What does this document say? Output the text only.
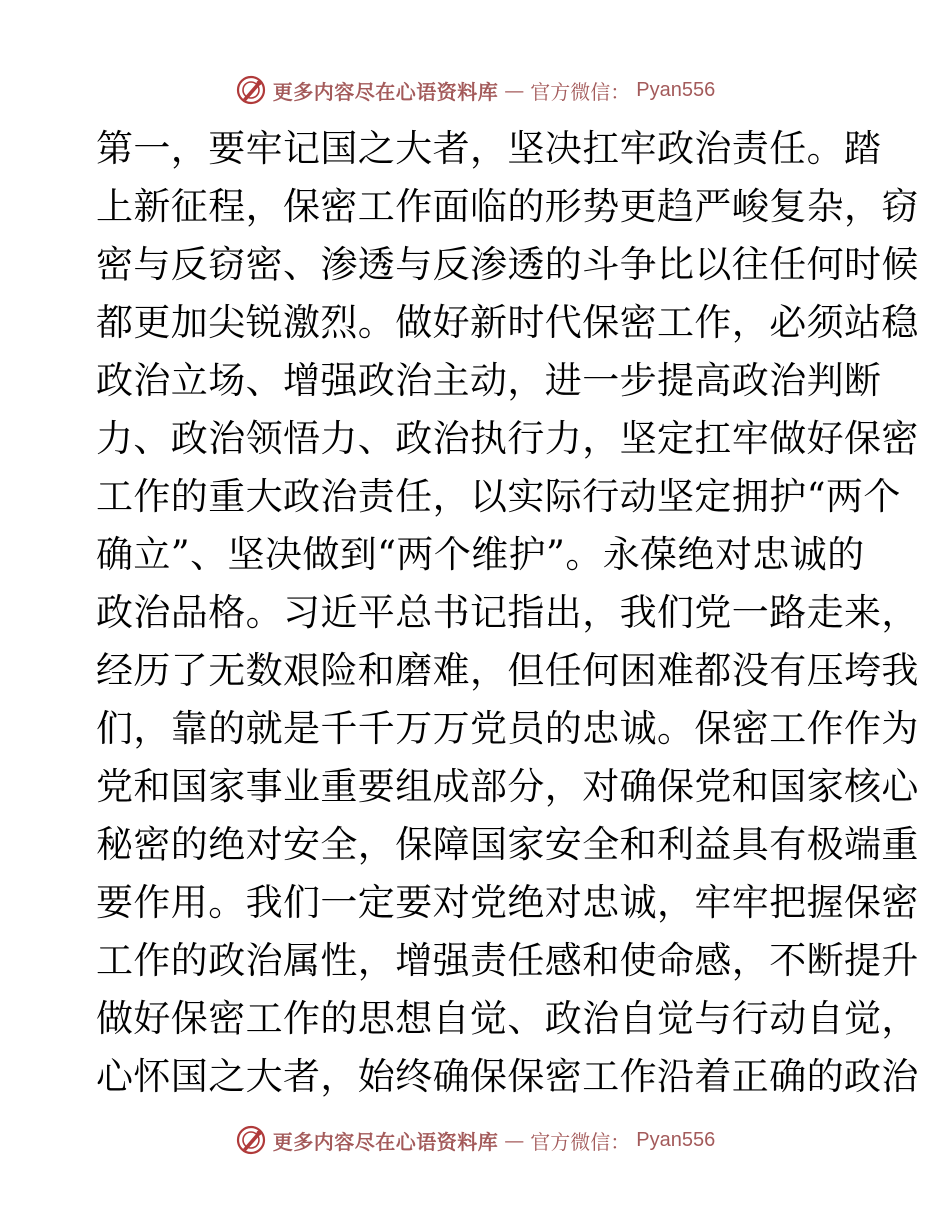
更多内容尽在心语资料库 — 官方微信： Pyan556
第一，要牢记国之大者，坚决扛牢政治责任。踏
上新征程，保密工作面临的形势更趋严峻复杂，窃
密与反窃密、渗透与反渗透的斗争比以往任何时候
都更加尖锐激烈。做好新时代保密工作，必须站稳
政治立场、增强政治主动，进一步提高政治判断
力、政治领悟力、政治执行力，坚定扛牢做好保密
工作的重大政治责任，以实际行动坚定拥护“两个
确立”、坚决做到“两个维护”。永葆绝对忠诚的
政治品格。习近平总书记指出，我们党一路走来，
经历了无数艰险和磨难，但任何困难都没有压垮我
们，靠的就是千千万万党员的忠诚。保密工作作为
党和国家事业重要组成部分，对确保党和国家核心
秘密的绝对安全，保障国家安全和利益具有极端重
要作用。我们一定要对党绝对忠诚，牢牢把握保密
工作的政治属性，增强责任感和使命感，不断提升
做好保密工作的思想自觉、政治自觉与行动自觉，
心怀国之大者，始终确保保密工作沿着正确的政治
更多内容尽在心语资料库 — 官方微信： Pyan556
